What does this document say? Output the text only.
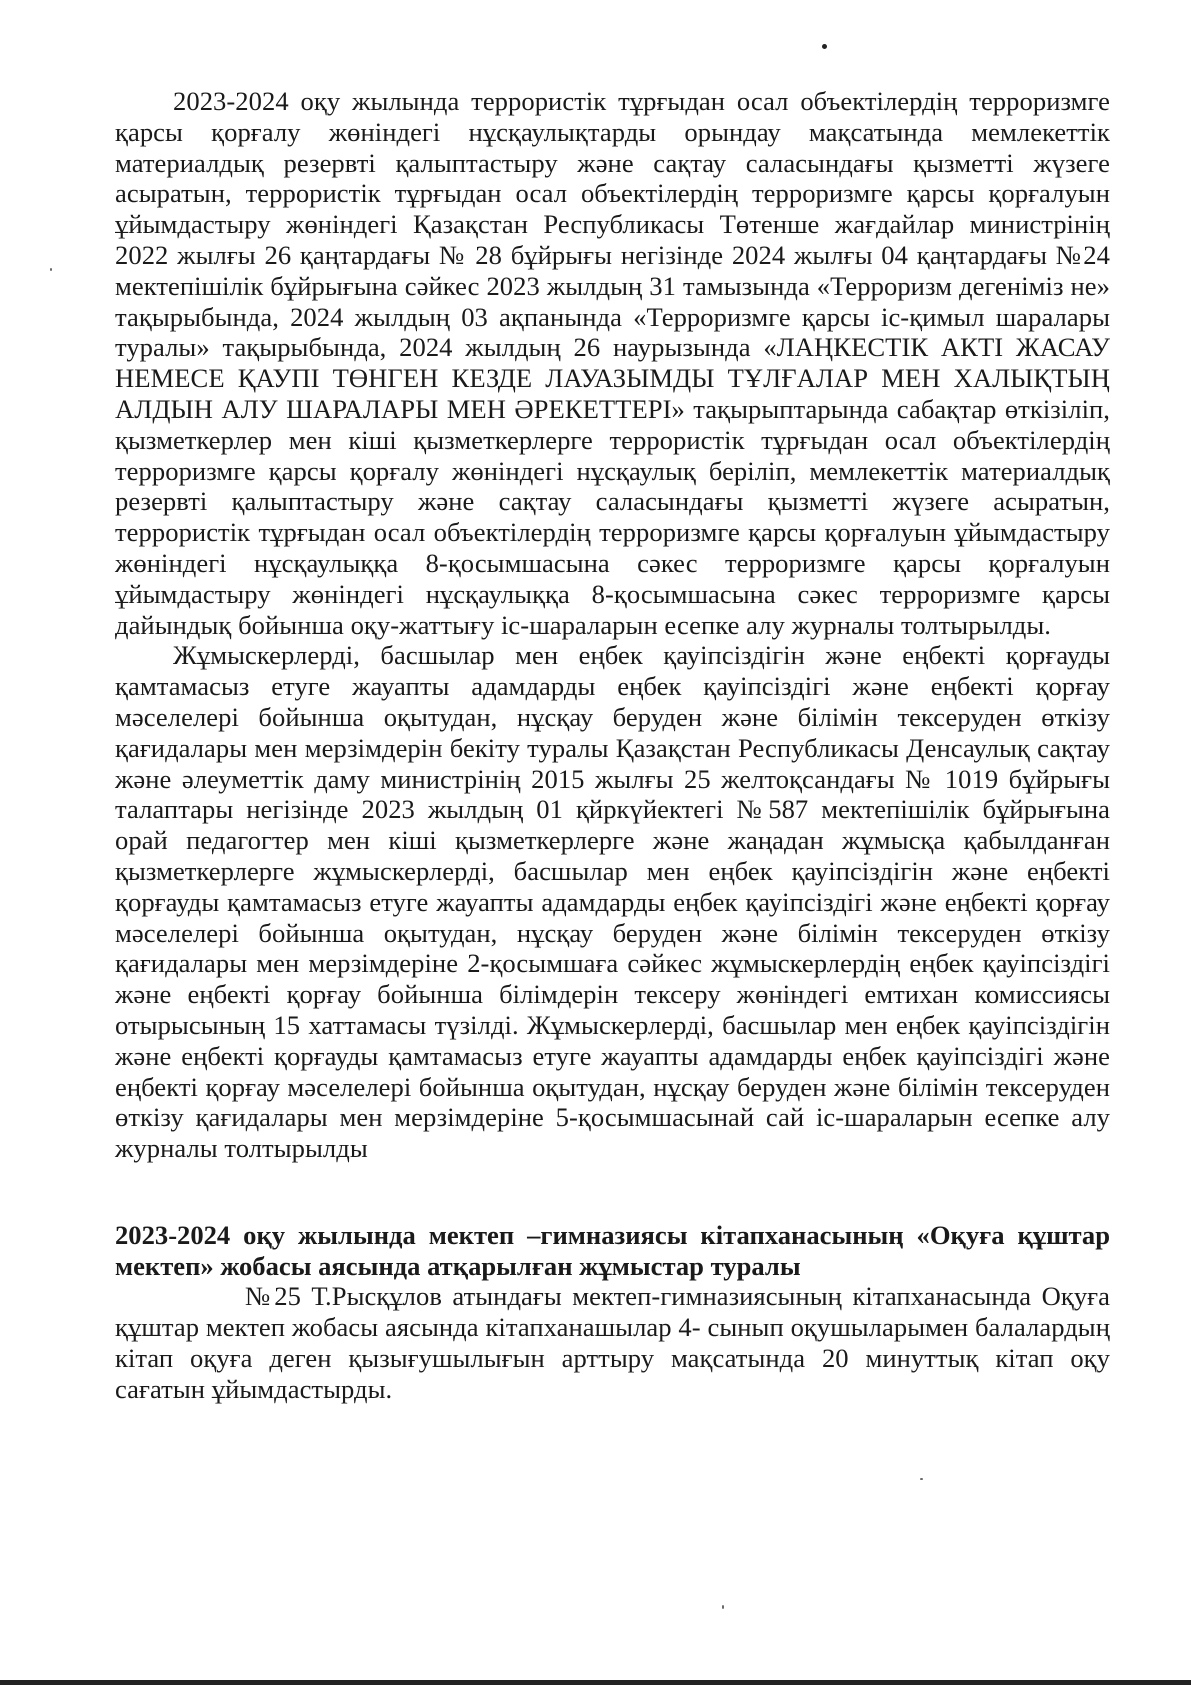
2023-2024 оқу жылында террористік тұрғыдан осал объектілердің терроризмге қарсы қорғалу жөніндегі нұсқаулықтарды орындау мақсатында мемлекеттік материалдық резервті қалыптастыру және сақтау саласындағы қызметті жүзеге асыратын, террористік тұрғыдан осал объектілердің терроризмге қарсы қорғалуын ұйымдастыру жөніндегі Қазақстан Республикасы Төтенше жағдайлар министрінің 2022 жылғы 26 қаңтардағы № 28 бұйрығы негізінде 2024 жылғы 04 қаңтардағы №24 мектепішілік бұйрығына сәйкес 2023 жылдың 31 тамызында «Терроризм дегеніміз не» тақырыбында, 2024 жылдың 03 ақпанында «Терроризмге қарсы іс-қимыл шаралары туралы» тақырыбында, 2024 жылдың 26 наурызында «ЛАҢКЕСТІК АКТІ ЖАСАУ НЕМЕСЕ ҚАУПІ ТӨНГЕН КЕЗДЕ ЛАУАЗЫМДЫ ТҰЛҒАЛАР МЕН ХАЛЫҚТЫҢ АЛДЫН АЛУ ШАРАЛАРЫ МЕН ӘРЕКЕТТЕРІ» тақырыптарында сабақтар өткізіліп, қызметкерлер мен кіші қызметкерлерге террористік тұрғыдан осал объектілердің терроризмге қарсы қорғалу жөніндегі нұсқаулық беріліп, мемлекеттік материалдық резервті қалыптастыру және сақтау саласындағы қызметті жүзеге асыратын, террористік тұрғыдан осал объектілердің терроризмге қарсы қорғалуын ұйымдастыру жөніндегі нұсқаулыққа 8-қосымшасына сәкес терроризмге қарсы қорғалуын ұйымдастыру жөніндегі нұсқаулыққа 8-қосымшасына сәкес терроризмге қарсы дайындық бойынша оқу-жаттығу іс-шараларын есепке алу журналы толтырылды.

Жұмыскерлерді, басшылар мен еңбек қауіпсіздігін және еңбекті қорғауды қамтамасыз етуге жауапты адамдарды еңбек қауіпсіздігі және еңбекті қорғау мәселелері бойынша оқытудан, нұсқау беруден және білімін тексеруден өткізу қағидалары мен мерзімдерін бекіту туралы Қазақстан Республикасы Денсаулық сақтау және әлеуметтік даму министрінің 2015 жылғы 25 желтоқсандағы № 1019 бұйрығы талаптары негізінде 2023 жылдың 01 қйркүйектегі №587 мектепішілік бұйрығына орай педагогтер мен кіші қызметкерлерге және жаңадан жұмысқа қабылданған қызметкерлерге жұмыскерлерді, басшылар мен еңбек қауіпсіздігін және еңбекті қорғауды қамтамасыз етуге жауапты адамдарды еңбек қауіпсіздігі және еңбекті қорғау мәселелері бойынша оқытудан, нұсқау беруден және білімін тексеруден өткізу қағидалары мен мерзімдеріне 2-қосымшаға сәйкес жұмыскерлердің еңбек қауіпсіздігі және еңбекті қорғау бойынша білімдерін тексеру жөніндегі емтихан комиссиясы отырысының 15 хаттамасы түзілді. Жұмыскерлерді, басшылар мен еңбек қауіпсіздігін және еңбекті қорғауды қамтамасыз етуге жауапты адамдарды еңбек қауіпсіздігі және еңбекті қорғау мәселелері бойынша оқытудан, нұсқау беруден және білімін тексеруден өткізу қағидалары мен мерзімдеріне 5-қосымшасынай сай іс-шараларын есепке алу журналы толтырылды

2023-2024 оқу жылында мектеп –гимназиясы кітапханасының «Оқуға құштар мектеп» жобасы аясында атқарылған жұмыстар туралы

№25 Т.Рысқұлов атындағы мектеп-гимназиясының кітапханасында Оқуға құштар мектеп жобасы аясында кітапханашылар 4- сынып оқушыларымен балалардың кітап оқуға деген қызығушылығын арттыру мақсатында 20 минуттық кітап оқу сағатын ұйымдастырды.
